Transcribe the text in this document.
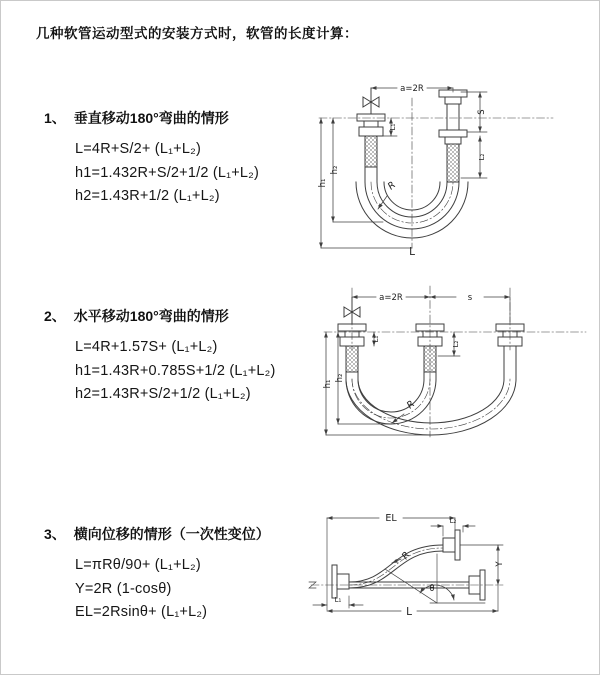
几种软管运动型式的安装方式时，软管的长度计算：
1、 垂直移动180°弯曲的情形
L=4R+S/2+ (L₁+L₂)
h1=1.432R+S/2+1/2 (L₁+L₂)
h2=1.43R+1/2 (L₁+L₂)
2、 水平移动180°弯曲的情形
L=4R+1.57S+ (L₁+L₂)
h1=1.43R+0.785S+1/2 (L₁+L₂)
h2=1.43R+S/2+1/2 (L₁+L₂)
3、 横向位移的情形（一次性变位）
L=πRθ/90+ (L₁+L₂)
Y=2R (1-cosθ)
EL=2Rsinθ+ (L₁+L₂)
a=2R
S
L₂
L₁
h₁
h₂
R
L
a=2R	s
h₁
h₂
L₁
L₂
R
EL	L₂
Y
R
θ
L
L₁
